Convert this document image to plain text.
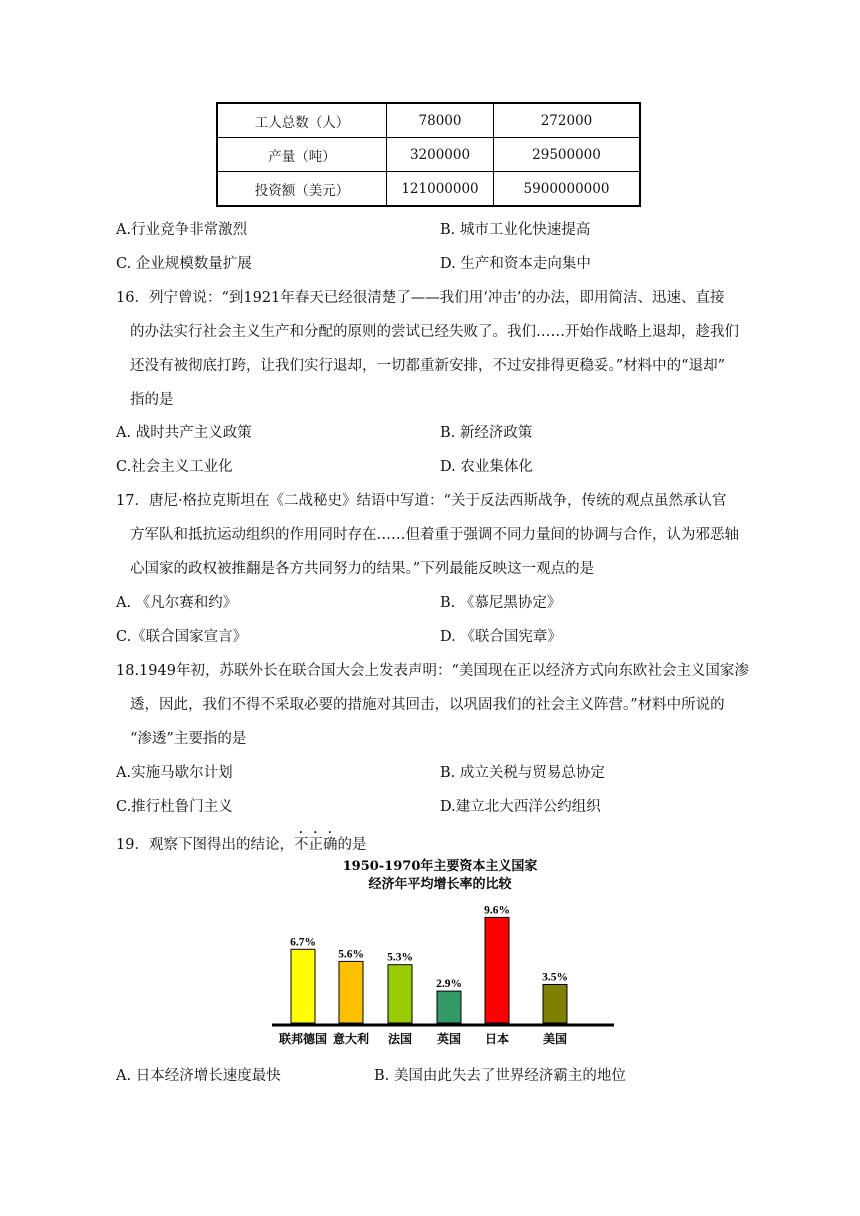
工人总数（人）	78000	272000
产量（吨）	3200000	29500000
投资额（美元）	121000000	5900000000
A.行业竞争非常激烈	B. 城市工业化快速提高
C. 企业规模数量扩展	D. 生产和资本走向集中
16．列宁曾说：“到1921年春天已经很清楚了——我们用‘冲击’的办法，即用简洁、迅速、直接
的办法实行社会主义生产和分配的原则的尝试已经失败了。我们……开始作战略上退却，趁我们
还没有被彻底打跨，让我们实行退却，一切都重新安排，不过安排得更稳妥。”材料中的“退却”
指的是
A. 战时共产主义政策	B. 新经济政策
C.社会主义工业化	D. 农业集体化
17．唐尼·格拉克斯坦在《二战秘史》结语中写道：“关于反法西斯战争，传统的观点虽然承认官
方军队和抵抗运动组织的作用同时存在……但着重于强调不同力量间的协调与合作，认为邪恶轴
心国家的政权被推翻是各方共同努力的结果。”下列最能反映这一观点的是
A. 《凡尔赛和约》	B. 《慕尼黑协定》
C.《联合国家宣言》	D. 《联合国宪章》
18.1949年初，苏联外长在联合国大会上发表声明：“美国现在正以经济方式向东欧社会主义国家渗
透，因此，我们不得不采取必要的措施对其回击，以巩固我们的社会主义阵营。”材料中所说的
“渗透”主要指的是
A.实施马歇尔计划	B. 成立关税与贸易总协定
C.推行杜鲁门主义	D.建立北大西洋公约组织
19．观察下图得出的结论，不正确的是
1950-1970年主要资本主义国家
经济年平均增长率的比较
6.7%
联邦德国
5.6%
意大利
5.3%
法国
2.9%
英国
9.6%
日本
3.5%
美国
A. 日本经济增长速度最快	B. 美国由此失去了世界经济霸主的地位
